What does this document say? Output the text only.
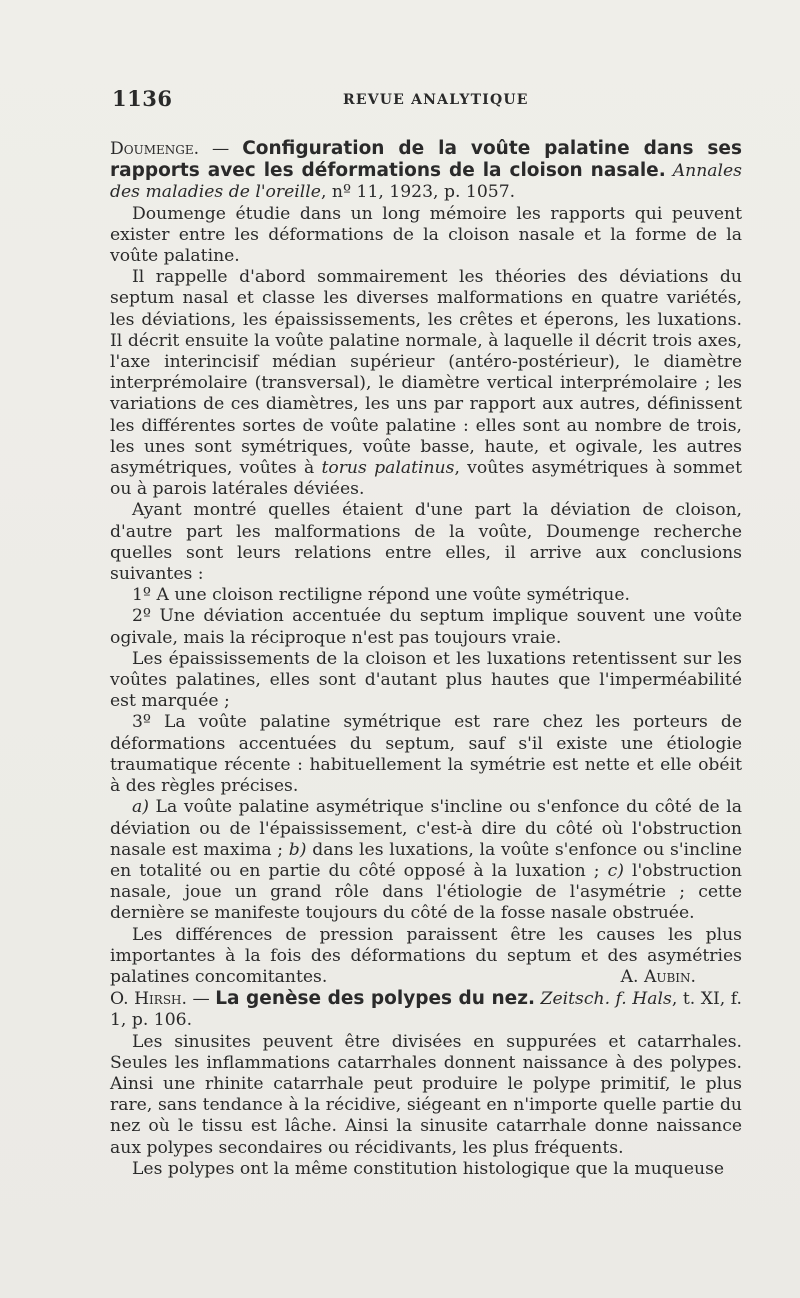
1136	REVUE ANALYTIQUE

Doumenge. — Configuration de la voûte palatine dans ses rapports avec les déformations de la cloison nasale. Annales des maladies de l'oreille, nº 11, 1923, p. 1057.

Doumenge étudie dans un long mémoire les rapports qui peuvent exister entre les déformations de la cloison nasale et la forme de la voûte palatine.

Il rappelle d'abord sommairement les théories des déviations du septum nasal et classe les diverses malformations en quatre variétés, les déviations, les épaississements, les crêtes et éperons, les luxations. Il décrit ensuite la voûte palatine normale, à laquelle il décrit trois axes, l'axe interincisif médian supérieur (antéro-postérieur), le diamètre interprémolaire (transversal), le diamètre vertical interprémolaire ; les variations de ces diamètres, les uns par rapport aux autres, définissent les différentes sortes de voûte palatine : elles sont au nombre de trois, les unes sont symétriques, voûte basse, haute, et ogivale, les autres asymétriques, voûtes à torus palatinus, voûtes asymétriques à sommet ou à parois latérales déviées.

Ayant montré quelles étaient d'une part la déviation de cloison, d'autre part les malformations de la voûte, Doumenge recherche quelles sont leurs relations entre elles, il arrive aux conclusions suivantes :

1º A une cloison rectiligne répond une voûte symétrique.

2º Une déviation accentuée du septum implique souvent une voûte ogivale, mais la réciproque n'est pas toujours vraie.

Les épaississements de la cloison et les luxations retentissent sur les voûtes palatines, elles sont d'autant plus hautes que l'imperméabilité est marquée ;

3º La voûte palatine symétrique est rare chez les porteurs de déformations accentuées du septum, sauf s'il existe une étiologie traumatique récente : habituellement la symétrie est nette et elle obéit à des règles précises.

a) La voûte palatine asymétrique s'incline ou s'enfonce du côté de la déviation ou de l'épaississement, c'est-à dire du côté où l'obstruction nasale est maxima ; b) dans les luxations, la voûte s'enfonce ou s'incline en totalité ou en partie du côté opposé à la luxation ; c) l'obstruction nasale, joue un grand rôle dans l'étiologie de l'asymétrie ; cette dernière se manifeste toujours du côté de la fosse nasale obstruée.

Les différences de pression paraissent être les causes les plus importantes à la fois des déformations du septum et des asymétries palatines concomitantes.	A. Aubin.

O. Hirsh. — La genèse des polypes du nez. Zeitsch. f. Hals, t. XI, f. 1, p. 106.

Les sinusites peuvent être divisées en suppurées et catarrhales. Seules les inflammations catarrhales donnent naissance à des polypes. Ainsi une rhinite catarrhale peut produire le polype primitif, le plus rare, sans tendance à la récidive, siégeant en n'importe quelle partie du nez où le tissu est lâche. Ainsi la sinusite catarrhale donne naissance aux polypes secondaires ou récidivants, les plus fréquents.

Les polypes ont la même constitution histologique que la muqueuse
